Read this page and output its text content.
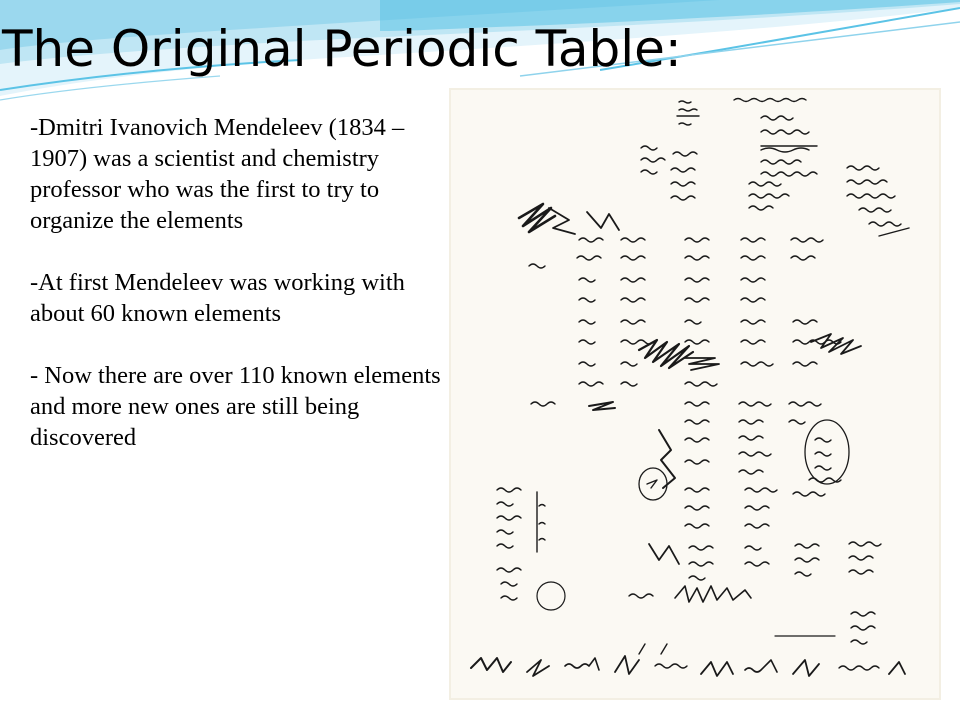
The Original Periodic Table:

-Dmitri Ivanovich Mendeleev (1834 – 1907) was a scientist and chemistry professor who was the first to try to organize the elements

-At first Mendeleev was working with about 60 known elements

- Now there are over 110 known elements and more new ones are still being discovered
